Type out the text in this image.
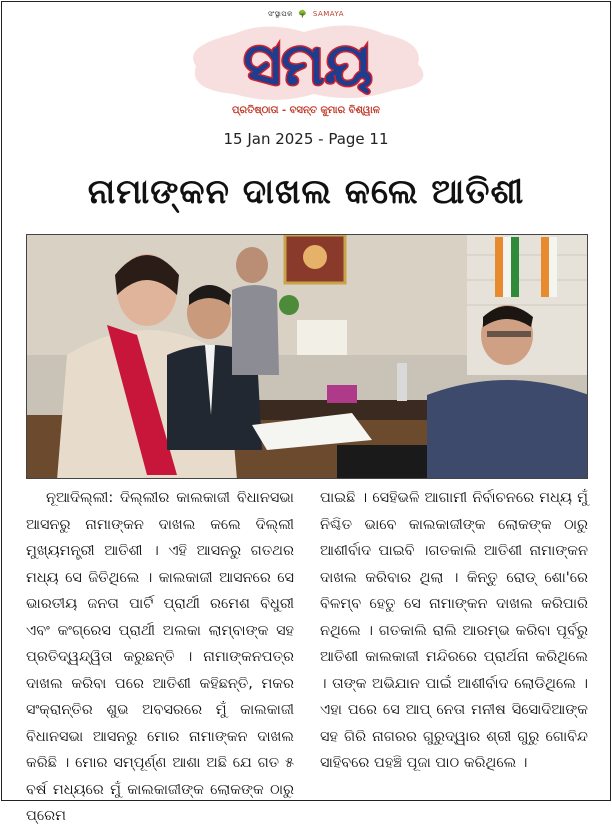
ସଂସ୍ଥାପକ 🌳 SAMAYA
ସମୟ
ପ୍ରତିଷ୍ଠାତା - ବସନ୍ତ କୁମାର ବିଶ୍ୱାଳ
15 Jan 2025 - Page 11
ନାମାଙ୍କନ ଦାଖଲ କଲେ ଆତିଶୀ

ନୂଆଦିଲ୍ଲୀ: ଦିଲ୍ଲୀର କାଲକାଜୀ ବିଧାନସଭା ଆସନରୁ ନାମାଙ୍କନ ଦାଖଲ କଲେ ଦିଲ୍ଲୀ ମୁଖ୍ୟମନ୍ତ୍ରୀ ଆତିଶୀ । ଏହି ଆସନରୁ ଗତଥର ମଧ୍ୟ ସେ ଜିତିଥିଲେ । କାଲକାଜୀ ଆସନରେ ସେ ଭାରତୀୟ ଜନତା ପାର୍ଟି ପ୍ରାର୍ଥୀ ରମେଶ ବିଧୁରୀ ଏବଂ କଂଗ୍ରେସ ପ୍ରାର୍ଥୀ ଅଲକା ଲାମ୍ବାଙ୍କ ସହ ପ୍ରତିଦ୍ୱନ୍ଦ୍ୱିତା କରୁଛନ୍ତି । ନାମାଙ୍କନପତ୍ର ଦାଖଲ କରିବା ପରେ ଆତିଶୀ କହିଛନ୍ତି, ମକର ସଂକ୍ରାନ୍ତିର ଶୁଭ ଅବସରରେ ମୁଁ କାଲକାଜୀ ବିଧାନସଭା ଆସନରୁ ମୋର ନାମାଙ୍କନ ଦାଖଲ କରିଛି । ମୋର ସମ୍ପୂର୍ଣ୍ଣ ଆଶା ଅଛି ଯେ ଗତ ୫ ବର୍ଷ ମଧ୍ୟରେ ମୁଁ କାଲକାଜୀଙ୍କ ଲୋକଙ୍କ ଠାରୁ ପ୍ରେମ

ପାଇଛି । ସେହିଭଳି ଆଗାମୀ ନିର୍ବାଚନରେ ମଧ୍ୟ ମୁଁ ନିଶ୍ଚିତ ଭାବେ କାଲକାଜୀଙ୍କ ଲୋକଙ୍କ ଠାରୁ ଆଶୀର୍ବାଦ ପାଇବି ।ଗତକାଲି ଆତିଶୀ ନାମାଙ୍କନ ଦାଖଲ କରିବାର ଥିଲା । କିନ୍ତୁ ରୋଡ୍ ଶୋ'ରେ ବିଳମ୍ବ ହେତୁ ସେ ନାମାଙ୍କନ ଦାଖଲ କରିପାରି ନଥିଲେ । ଗତକାଲି ରାଲି ଆରମ୍ଭ କରିବା ପୂର୍ବରୁ ଆତିଶୀ କାଲକାଜୀ ମନ୍ଦିରରେ ପ୍ରାର୍ଥନା କରିଥିଲେ । ତାଙ୍କ ଅଭିଯାନ ପାଇଁ ଆଶୀର୍ବାଦ ଲୋଡିଥିଲେ । ଏହା ପରେ ସେ ଆପ୍ ନେତା ମନୀଷ ସିସୋଦିଆଙ୍କ ସହ ଗିରି ନାଗରର ଗୁରୁଦ୍ୱାର ଶ୍ରୀ ଗୁରୁ ଗୋବିନ୍ଦ ସାହିବରେ ପହଞ୍ଚି ପୂଜା ପାଠ କରିଥିଲେ ।
